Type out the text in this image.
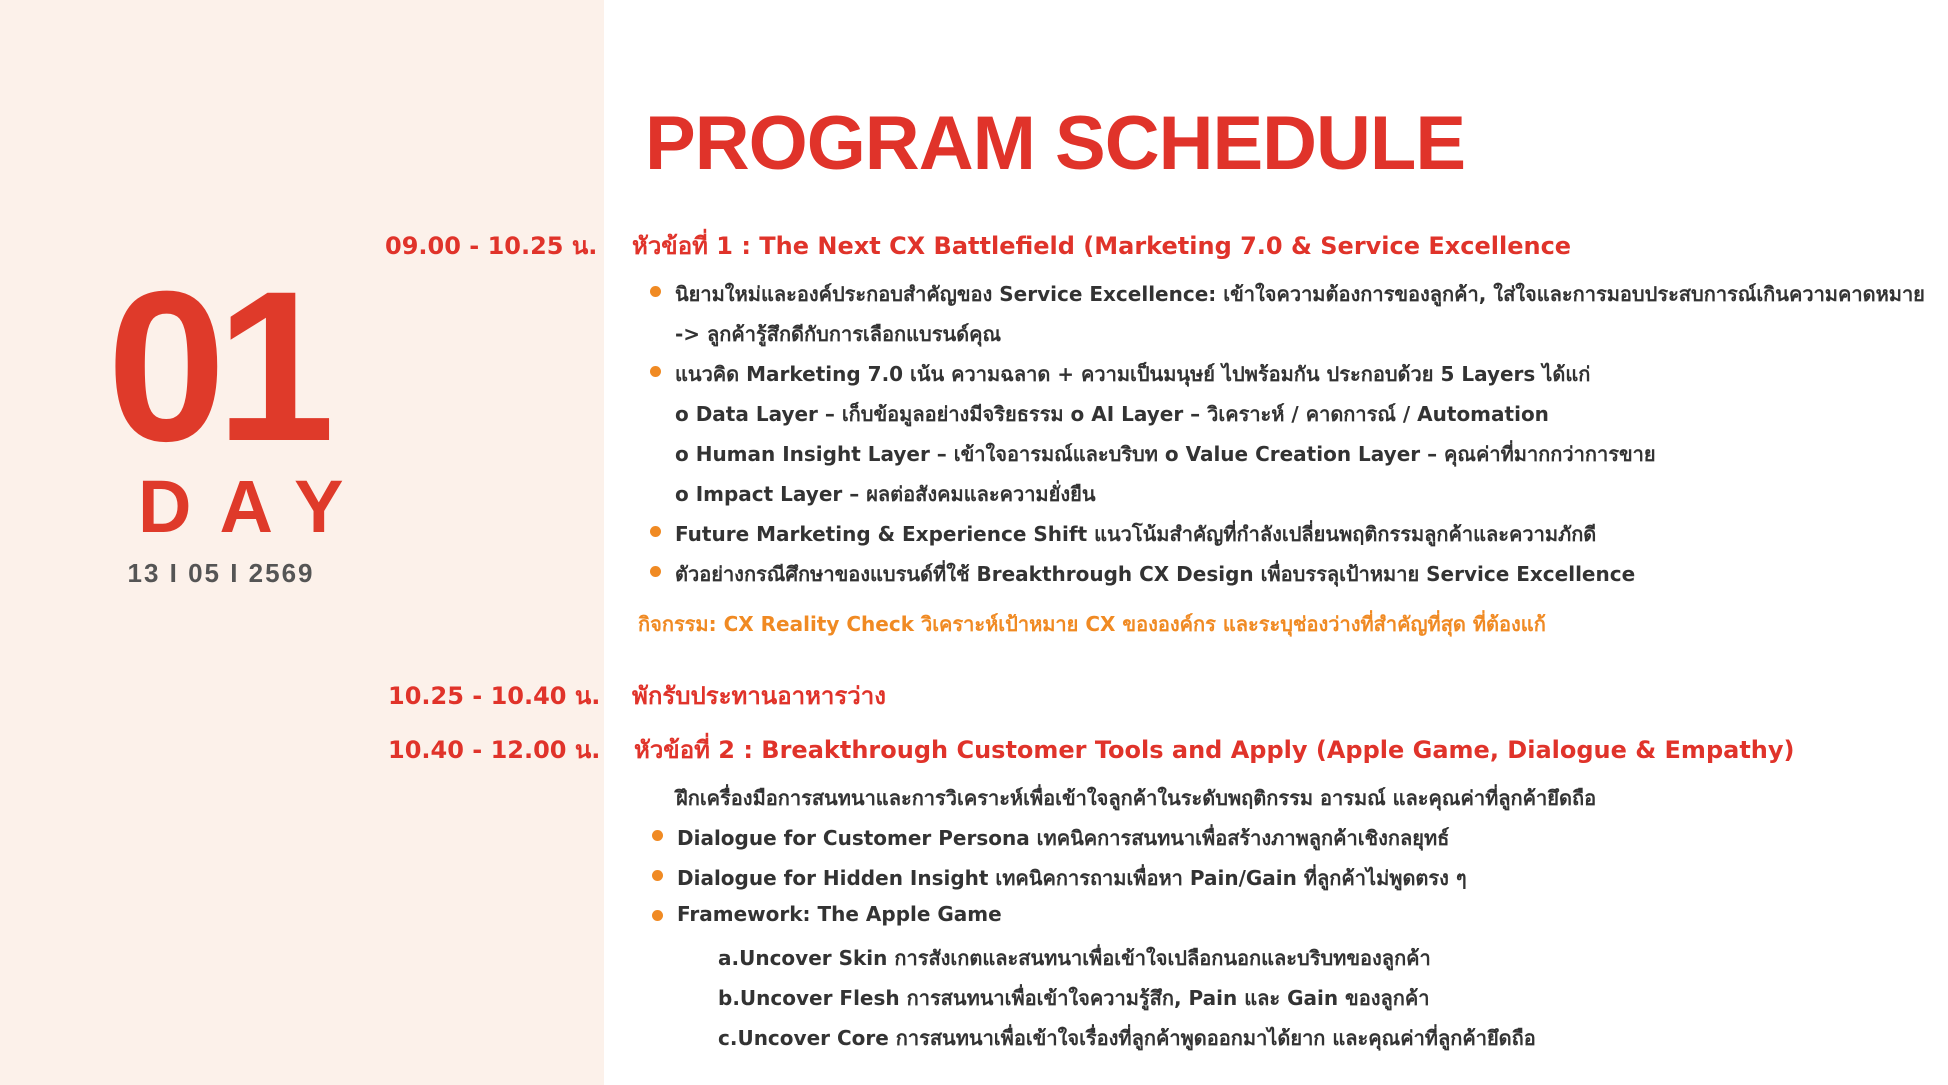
01
DAY
13 I 05 I 2569
PROGRAM SCHEDULE
09.00 - 10.25 น. หัวข้อที่ 1 : The Next CX Battlefield (Marketing 7.0 & Service Excellence
นิยามใหม่และองค์ประกอบสำคัญของ Service Excellence: เข้าใจความต้องการของลูกค้า, ใส่ใจและการมอบประสบการณ์เกินความคาดหมาย
-> ลูกค้ารู้สึกดีกับการเลือกแบรนด์คุณ
แนวคิด Marketing 7.0 เน้น ความฉลาด + ความเป็นมนุษย์ ไปพร้อมกัน ประกอบด้วย 5 Layers ได้แก่
o Data Layer – เก็บข้อมูลอย่างมีจริยธรรม o AI Layer – วิเคราะห์ / คาดการณ์ / Automation
o Human Insight Layer – เข้าใจอารมณ์และบริบท o Value Creation Layer – คุณค่าที่มากกว่าการขาย
o Impact Layer – ผลต่อสังคมและความยั่งยืน
Future Marketing & Experience Shift แนวโน้มสำคัญที่กำลังเปลี่ยนพฤติกรรมลูกค้าและความภักดี
ตัวอย่างกรณีศึกษาของแบรนด์ที่ใช้ Breakthrough CX Design เพื่อบรรลุเป้าหมาย Service Excellence
กิจกรรม: CX Reality Check วิเคราะห์เป้าหมาย CX ขององค์กร และระบุช่องว่างที่สำคัญที่สุด ที่ต้องแก้
10.25 - 10.40 น. พักรับประทานอาหารว่าง
10.40 - 12.00 น. หัวข้อที่ 2 : Breakthrough Customer Tools and Apply (Apple Game, Dialogue & Empathy)
ฝึกเครื่องมือการสนทนาและการวิเคราะห์เพื่อเข้าใจลูกค้าในระดับพฤติกรรม อารมณ์ และคุณค่าที่ลูกค้ายึดถือ
Dialogue for Customer Persona เทคนิคการสนทนาเพื่อสร้างภาพลูกค้าเชิงกลยุทธ์
Dialogue for Hidden Insight เทคนิคการถามเพื่อหา Pain/Gain ที่ลูกค้าไม่พูดตรง ๆ
Framework: The Apple Game
a.Uncover Skin การสังเกตและสนทนาเพื่อเข้าใจเปลือกนอกและบริบทของลูกค้า
b.Uncover Flesh การสนทนาเพื่อเข้าใจความรู้สึก, Pain และ Gain ของลูกค้า
c.Uncover Core การสนทนาเพื่อเข้าใจเรื่องที่ลูกค้าพูดออกมาได้ยาก และคุณค่าที่ลูกค้ายึดถือ
